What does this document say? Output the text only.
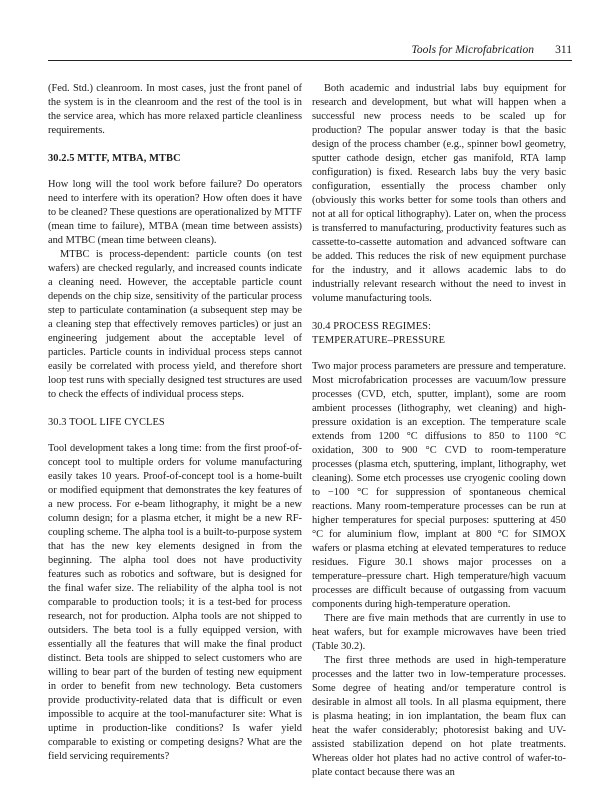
Tools for Microfabrication 311

(Fed. Std.) cleanroom. In most cases, just the front panel of the system is in the cleanroom and the rest of the tool is in the service area, which has more relaxed particle cleanliness requirements.

30.2.5 MTTF, MTBA, MTBC

How long will the tool work before failure? Do operators need to interfere with its operation? How often does it have to be cleaned? These questions are operationalized by MTTF (mean time to failure), MTBA (mean time between assists) and MTBC (mean time between cleans).

MTBC is process-dependent: particle counts (on test wafers) are checked regularly, and increased counts indicate a cleaning need. However, the acceptable particle count depends on the chip size, sensitivity of the particular process step to particulate contamination (a subsequent step may be a cleaning step that effectively removes particles) or just an engineering judgement about the acceptable level of particles. Particle counts in individual process steps cannot easily be correlated with process yield, and therefore short loop test runs with specially designed test structures are used to check the effects of individual process steps.

30.3 TOOL LIFE CYCLES

Tool development takes a long time: from the first proof-of-concept tool to multiple orders for volume manufacturing easily takes 10 years. Proof-of-concept tool is a home-built or modified equipment that demonstrates the key features of a new process. For e-beam lithography, it might be a new column design; for a plasma etcher, it might be a new RF-coupling scheme. The alpha tool is a built-to-purpose system that has the new key elements designed in from the beginning. The alpha tool does not have productivity features such as robotics and software, but is designed for the final wafer size. The reliability of the alpha tool is not comparable to production tools; it is a test-bed for process research, not for production. Alpha tools are not shipped to outsiders. The beta tool is a fully equipped version, with essentially all the features that will make the final product distinct. Beta tools are shipped to select customers who are willing to bear part of the burden of testing new equipment in order to benefit from new technology. Beta customers provide productivity-related data that is difficult or even impossible to acquire at the tool-manufacturer site: What is uptime in production-like conditions? Is wafer yield comparable to existing or competing designs? What are the field servicing requirements?

Both academic and industrial labs buy equipment for research and development, but what will happen when a successful new process needs to be scaled up for production? The popular answer today is that the basic design of the process chamber (e.g., spinner bowl geometry, sputter cathode design, etcher gas manifold, RTA lamp configuration) is fixed. Research labs buy the very basic configuration, essentially the process chamber only (obviously this works better for some tools than others and not at all for optical lithography). Later on, when the process is transferred to manufacturing, productivity features such as cassette-to-cassette automation and advanced software can be added. This reduces the risk of new equipment purchase for the industry, and it allows academic labs to do industrially relevant research without the need to invest in volume manufacturing tools.

30.4 PROCESS REGIMES:
TEMPERATURE–PRESSURE

Two major process parameters are pressure and temperature. Most microfabrication processes are vacuum/low pressure processes (CVD, etch, sputter, implant), some are room ambient processes (lithography, wet cleaning) and high-pressure oxidation is an exception. The temperature scale extends from 1200 °C diffusions to 850 to 1100 °C oxidation, 300 to 900 °C CVD to room-temperature processes (plasma etch, sputtering, implant, lithography, wet cleaning). Some etch processes use cryogenic cooling down to −100 °C for suppression of spontaneous chemical reactions. Many room-temperature processes can be run at higher temperatures for special purposes: sputtering at 450 °C for aluminium flow, implant at 800 °C for SIMOX wafers or plasma etching at elevated temperatures to reduce residues. Figure 30.1 shows major processes on a temperature–pressure chart. High temperature/high vacuum processes are difficult because of outgassing from vacuum components during high-temperature operation.

There are five main methods that are currently in use to heat wafers, but for example microwaves have been tried (Table 30.2).

The first three methods are used in high-temperature processes and the latter two in low-temperature processes. Some degree of heating and/or temperature control is desirable in almost all tools. In all plasma equipment, there is plasma heating; in ion implantation, the beam flux can heat the wafer considerably; photoresist baking and UV-assisted stabilization depend on hot plate treatments. Whereas older hot plates had no active control of wafer-to-plate contact because there was an
